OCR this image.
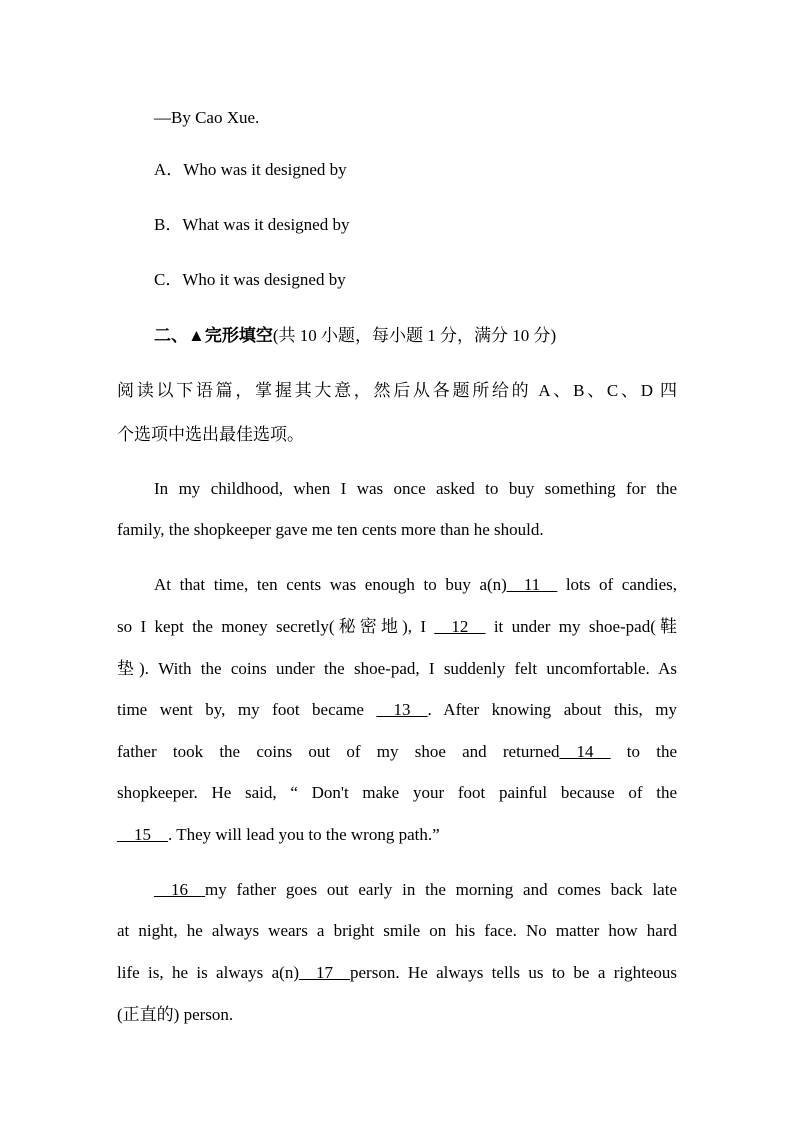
—By Cao Xue.
A．Who was it designed by
B．What was it designed by
C．Who it was designed by
二、▲完形填空(共 10 小题，每小题 1 分，满分 10 分)
阅读以下语篇，掌握其大意，然后从各题所给的 A、B、C、D 四
个选项中选出最佳选项。
In my childhood, when I was once asked to buy something for the
family, the shopkeeper gave me ten cents more than he should.
At that time, ten cents was enough to buy a(n)__11__ lots of candies,
so I kept the money secretly(秘密地), I __12__ it under my shoe-pad(鞋
垫). With the coins under the shoe-pad, I suddenly felt uncomfortable. As
time went by, my foot became __13__. After knowing about this, my
father took the coins out of my shoe and returned__14__ to the
shopkeeper. He said, “ Don't make your foot painful because of the
__15__. They will lead you to the wrong path.”
__16__my father goes out early in the morning and comes back late
at night, he always wears a bright smile on his face. No matter how hard
life is, he is always a(n)__17__person. He always tells us to be a righteous
(正直的) person.
